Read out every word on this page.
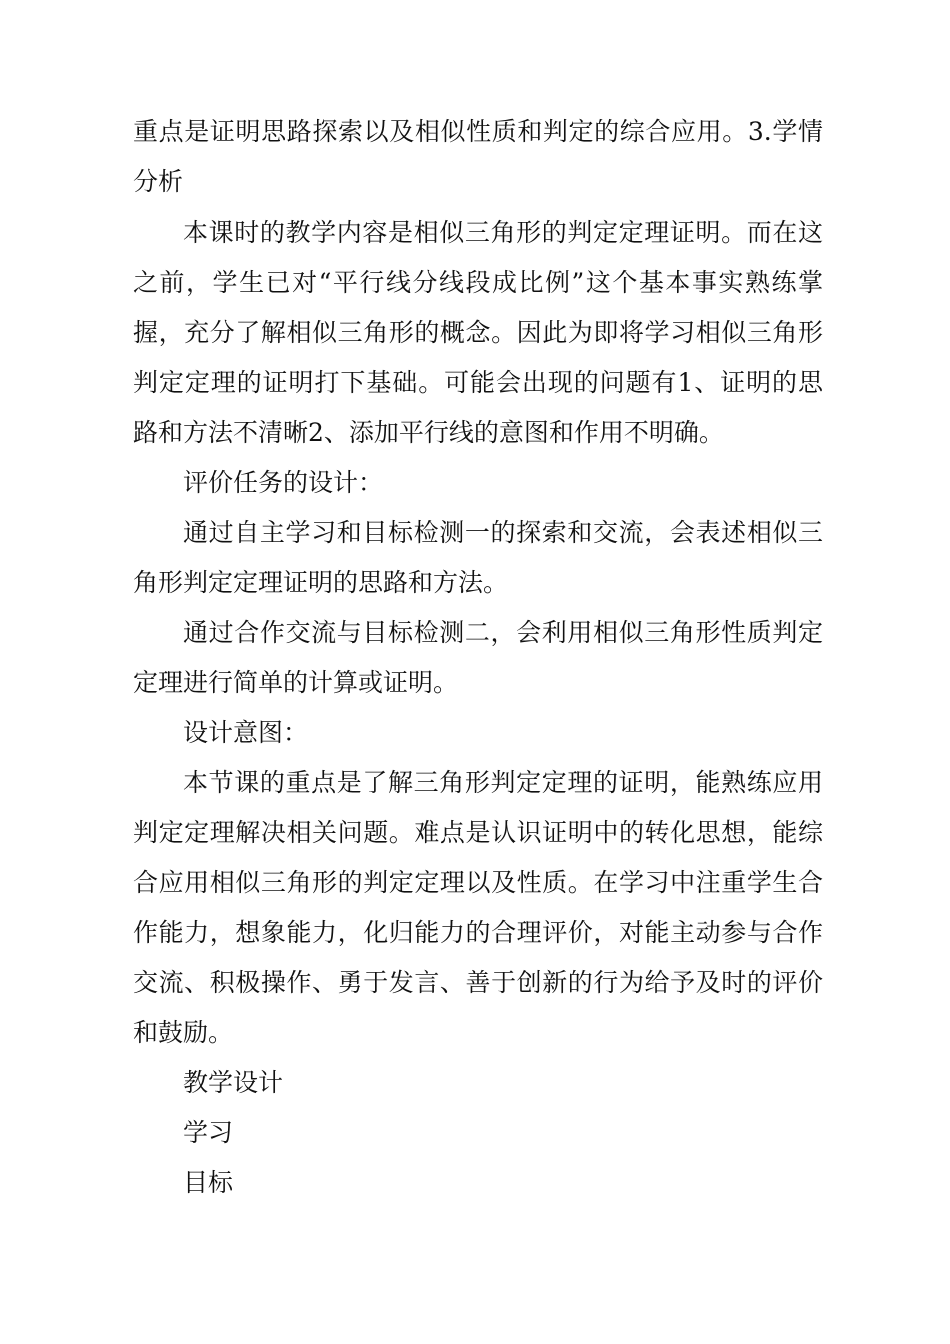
重点是证明思路探索以及相似性质和判定的综合应用。3.学情
分析
本课时的教学内容是相似三角形的判定定理证明。而在这
之前，学生已对“平行线分线段成比例”这个基本事实熟练掌
握，充分了解相似三角形的概念。因此为即将学习相似三角形
判定定理的证明打下基础。可能会出现的问题有1、证明的思
路和方法不清晰2、添加平行线的意图和作用不明确。
评价任务的设计：
通过自主学习和目标检测一的探索和交流，会表述相似三
角形判定定理证明的思路和方法。
通过合作交流与目标检测二，会利用相似三角形性质判定
定理进行简单的计算或证明。
设计意图：
本节课的重点是了解三角形判定定理的证明，能熟练应用
判定定理解决相关问题。难点是认识证明中的转化思想，能综
合应用相似三角形的判定定理以及性质。在学习中注重学生合
作能力，想象能力，化归能力的合理评价，对能主动参与合作
交流、积极操作、勇于发言、善于创新的行为给予及时的评价
和鼓励。
教学设计
学习
目标
